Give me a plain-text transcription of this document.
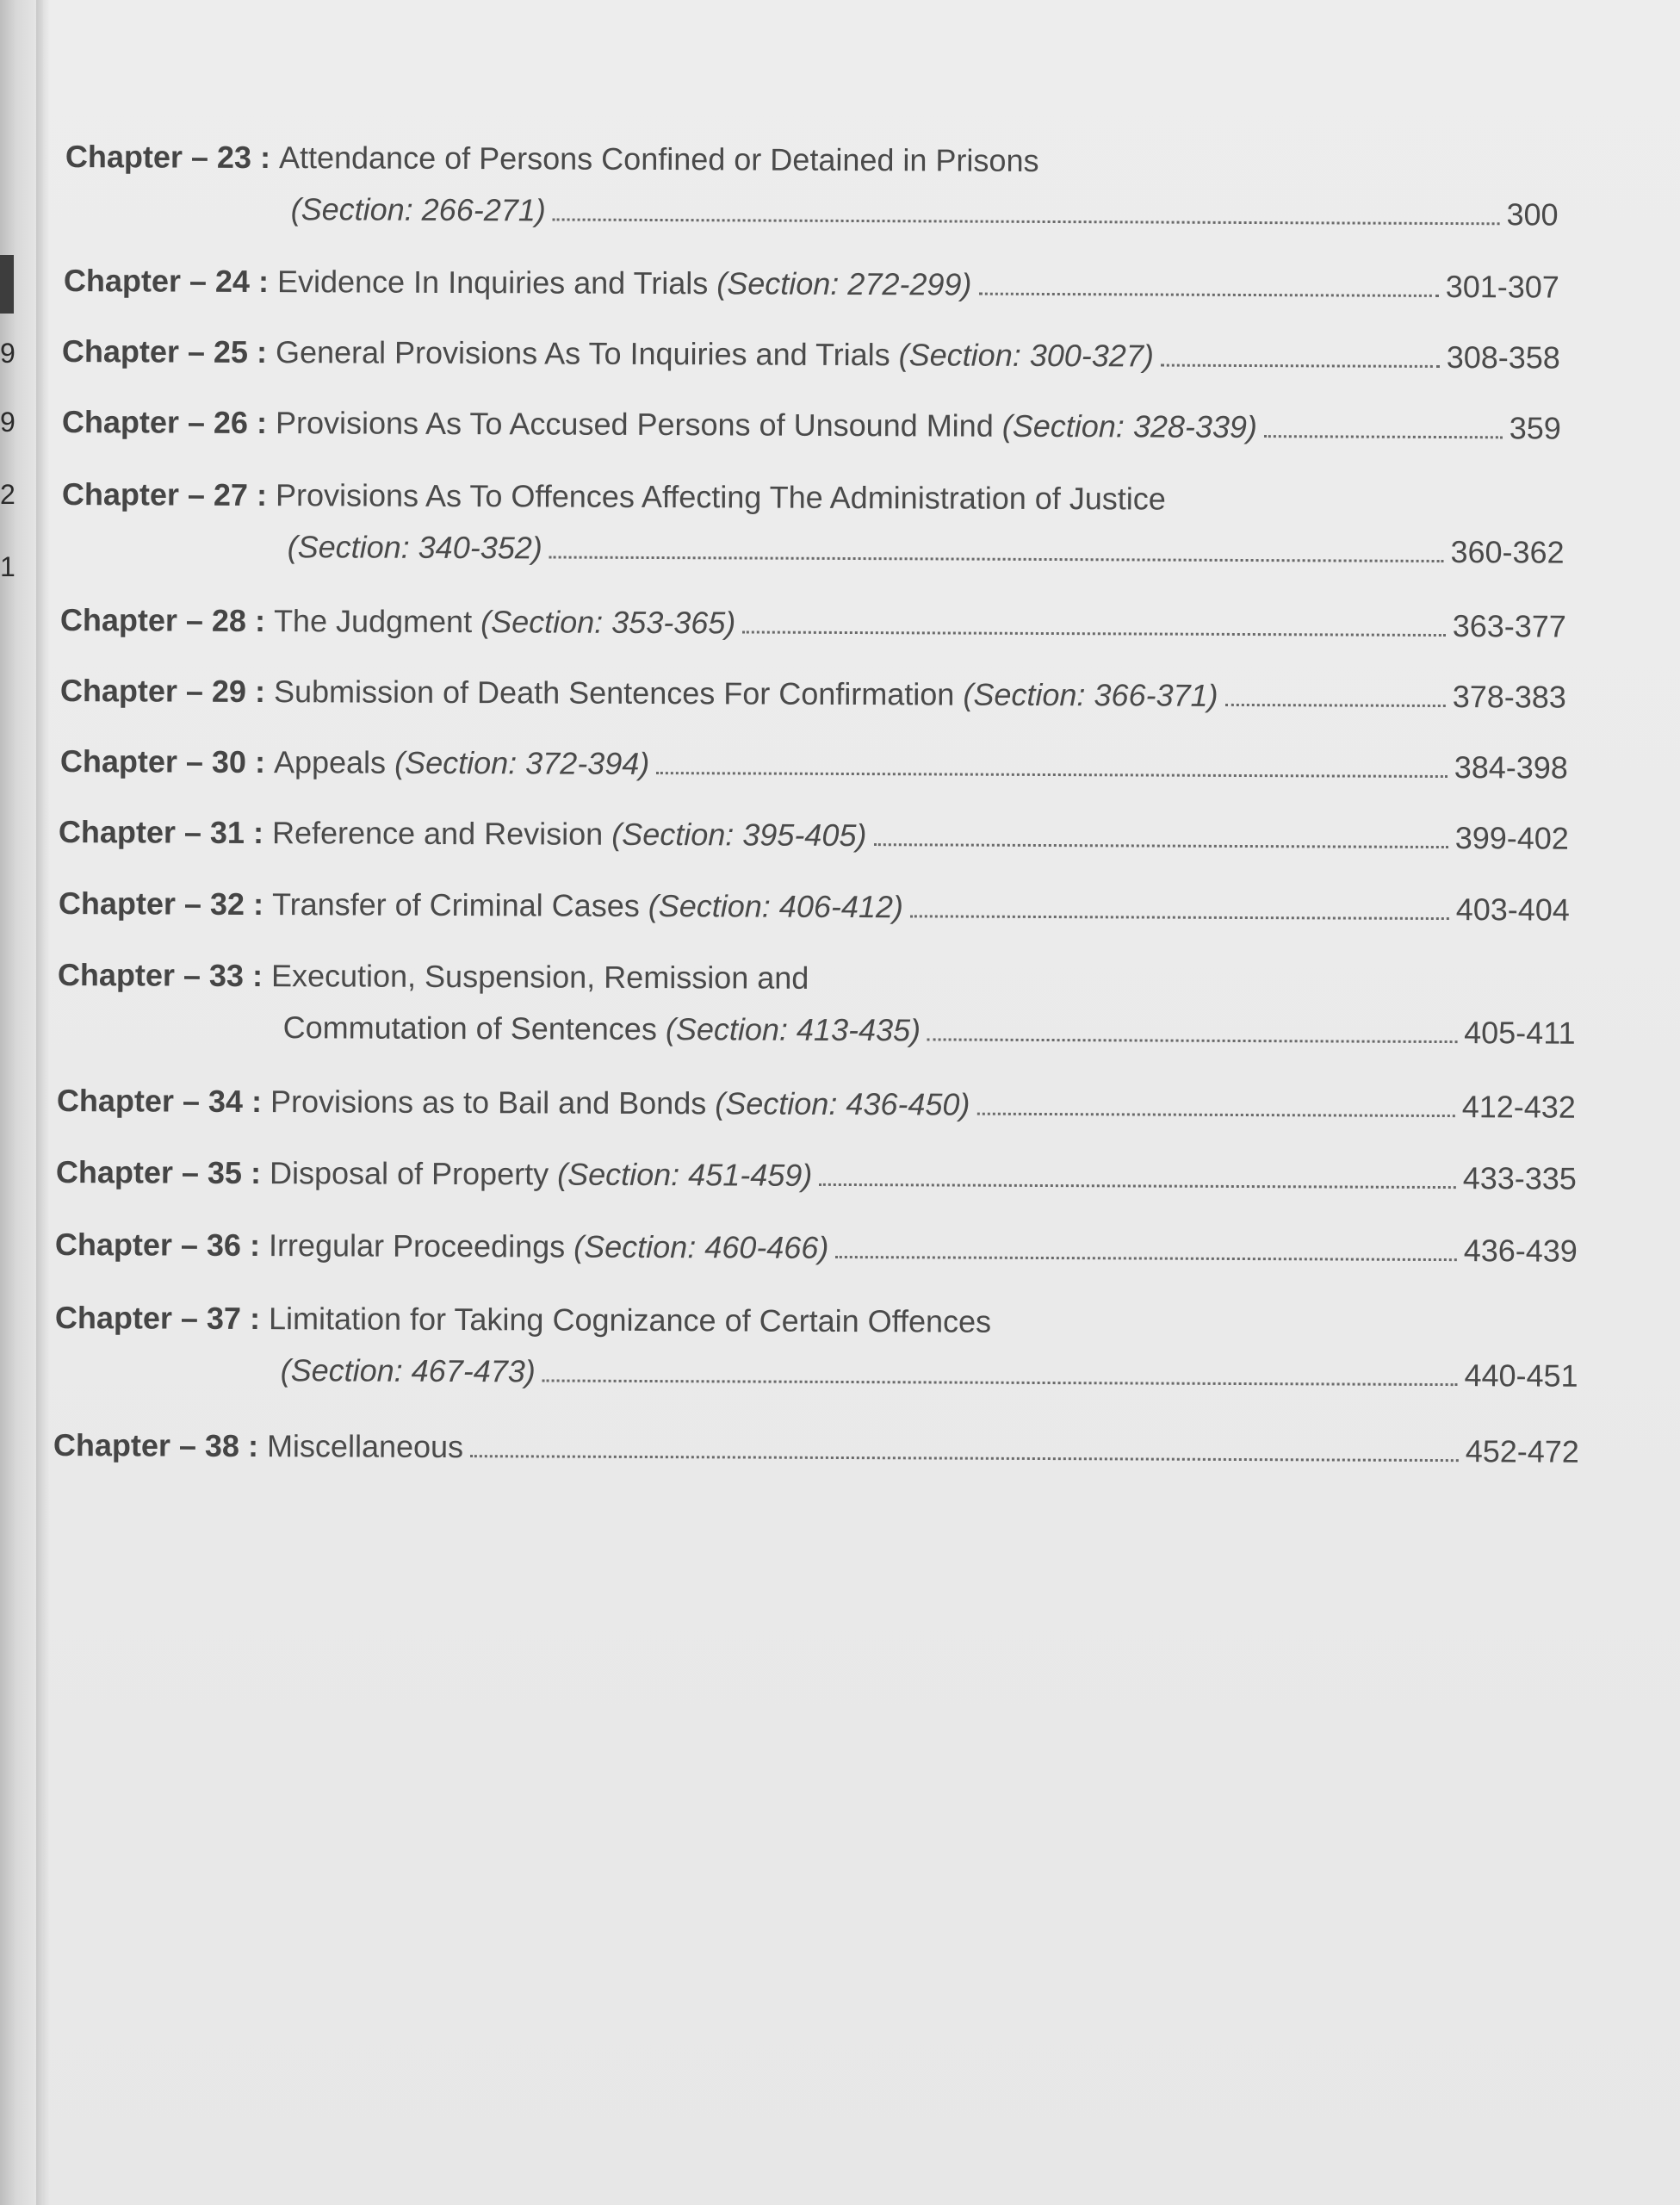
9
9
2
1
Chapter – 23 :
Attendance of Persons Confined or Detained in Prisons
(Section: 266-271)	300
Chapter – 24 :
Evidence In Inquiries and Trials
(Section: 272-299)	301-307
Chapter – 25 :
General Provisions As To Inquiries and Trials
(Section: 300-327)	308-358
Chapter – 26 :
Provisions As To Accused Persons of Unsound Mind
(Section: 328-339)	359
Chapter – 27 :
Provisions As To Offences Affecting The Administration of Justice
(Section: 340-352)	360-362
Chapter – 28 :
The Judgment
(Section: 353-365)	363-377
Chapter – 29 :
Submission of Death Sentences For Confirmation
(Section: 366-371)	378-383
Chapter – 30 :
Appeals
(Section: 372-394)	384-398
Chapter – 31 :
Reference and Revision
(Section: 395-405)	399-402
Chapter – 32 :
Transfer of Criminal Cases
(Section: 406-412)	403-404
Chapter – 33 :
Execution, Suspension, Remission and
Commutation of Sentences
(Section: 413-435)	405-411
Chapter – 34 :
Provisions as to Bail and Bonds
(Section: 436-450)	412-432
Chapter – 35 :
Disposal of Property
(Section: 451-459)	433-335
Chapter – 36 :
Irregular Proceedings
(Section: 460-466)	436-439
Chapter – 37 :
Limitation for Taking Cognizance of Certain Offences
(Section: 467-473)	440-451
Chapter – 38 :
Miscellaneous	452-472
